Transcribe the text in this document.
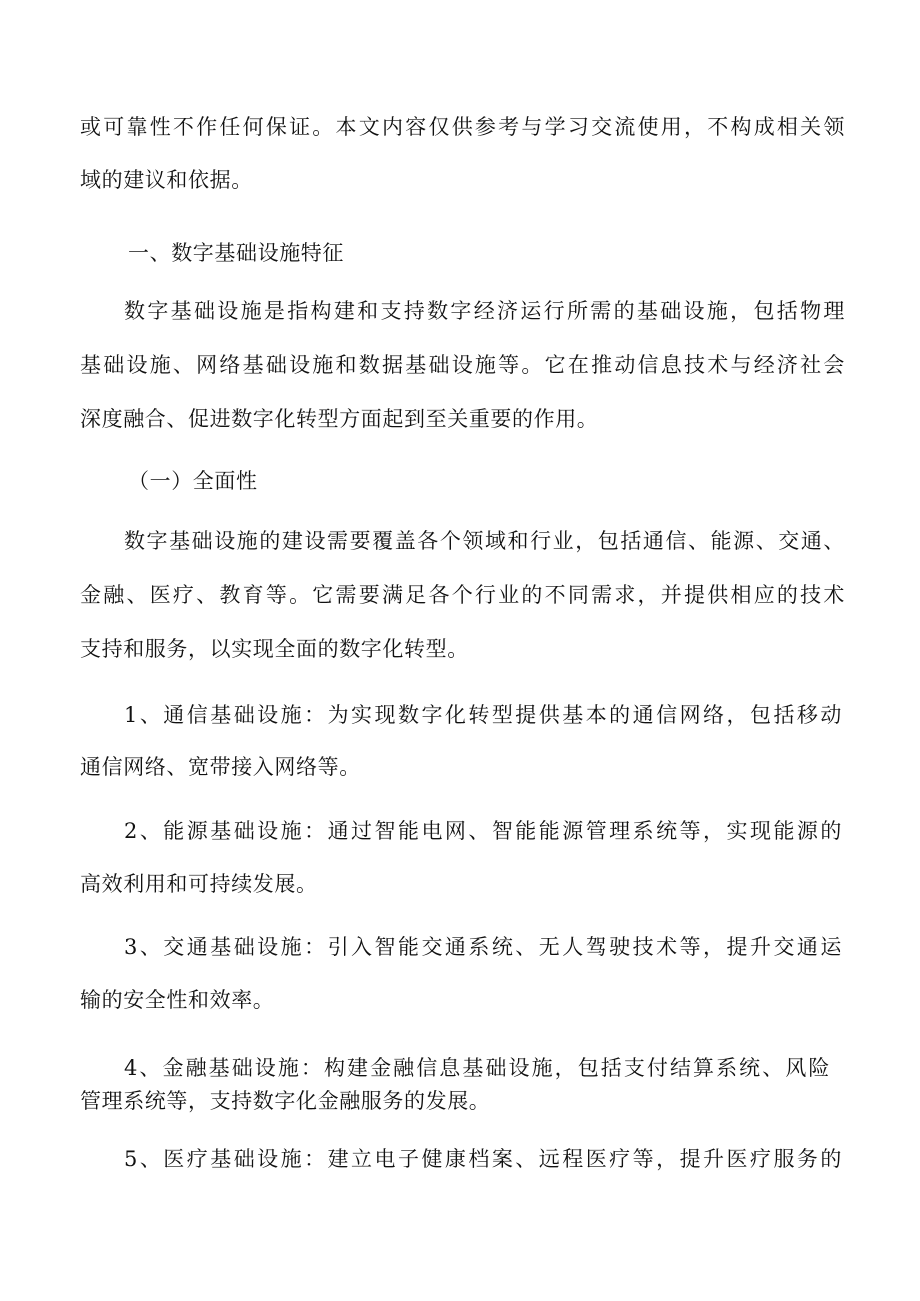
或可靠性不作任何保证。本文内容仅供参考与学习交流使用，不构成相关领
域的建议和依据。
一、数字基础设施特征
数字基础设施是指构建和支持数字经济运行所需的基础设施，包括物理
基础设施、网络基础设施和数据基础设施等。它在推动信息技术与经济社会
深度融合、促进数字化转型方面起到至关重要的作用。
（一）全面性
数字基础设施的建设需要覆盖各个领域和行业，包括通信、能源、交通、
金融、医疗、教育等。它需要满足各个行业的不同需求，并提供相应的技术
支持和服务，以实现全面的数字化转型。
1、通信基础设施：为实现数字化转型提供基本的通信网络，包括移动
通信网络、宽带接入网络等。
2、能源基础设施：通过智能电网、智能能源管理系统等，实现能源的
高效利用和可持续发展。
3、交通基础设施：引入智能交通系统、无人驾驶技术等，提升交通运
输的安全性和效率。
4、金融基础设施：构建金融信息基础设施，包括支付结算系统、风险
管理系统等，支持数字化金融服务的发展。
5、医疗基础设施：建立电子健康档案、远程医疗等，提升医疗服务的
